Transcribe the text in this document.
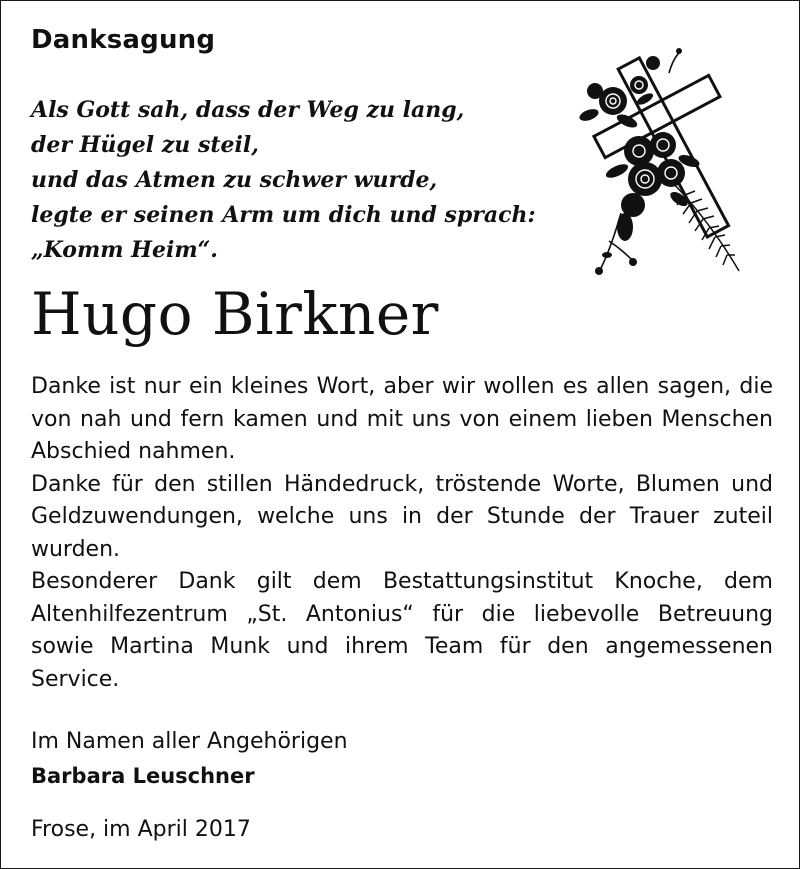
Danksagung
Als Gott sah, dass der Weg zu lang,
der Hügel zu steil,
und das Atmen zu schwer wurde,
legte er seinen Arm um dich und sprach:
„Komm Heim“.
Hugo Birkner

Danke ist nur ein kleines Wort, aber wir wollen es allen sagen, die von nah und fern kamen und mit uns von einem lieben Menschen Abschied nahmen.

Danke für den stillen Händedruck, tröstende Worte, Blumen und Geldzuwendungen, welche uns in der Stunde der Trauer zuteil wurden.

Besonderer Dank gilt dem Bestattungsinstitut Knoche, dem Altenhilfezentrum „St. Antonius“ für die liebevolle Betreuung sowie Martina Munk und ihrem Team für den angemessenen Service.

Im Namen aller Angehörigen
Barbara Leuschner
Frose, im April 2017
